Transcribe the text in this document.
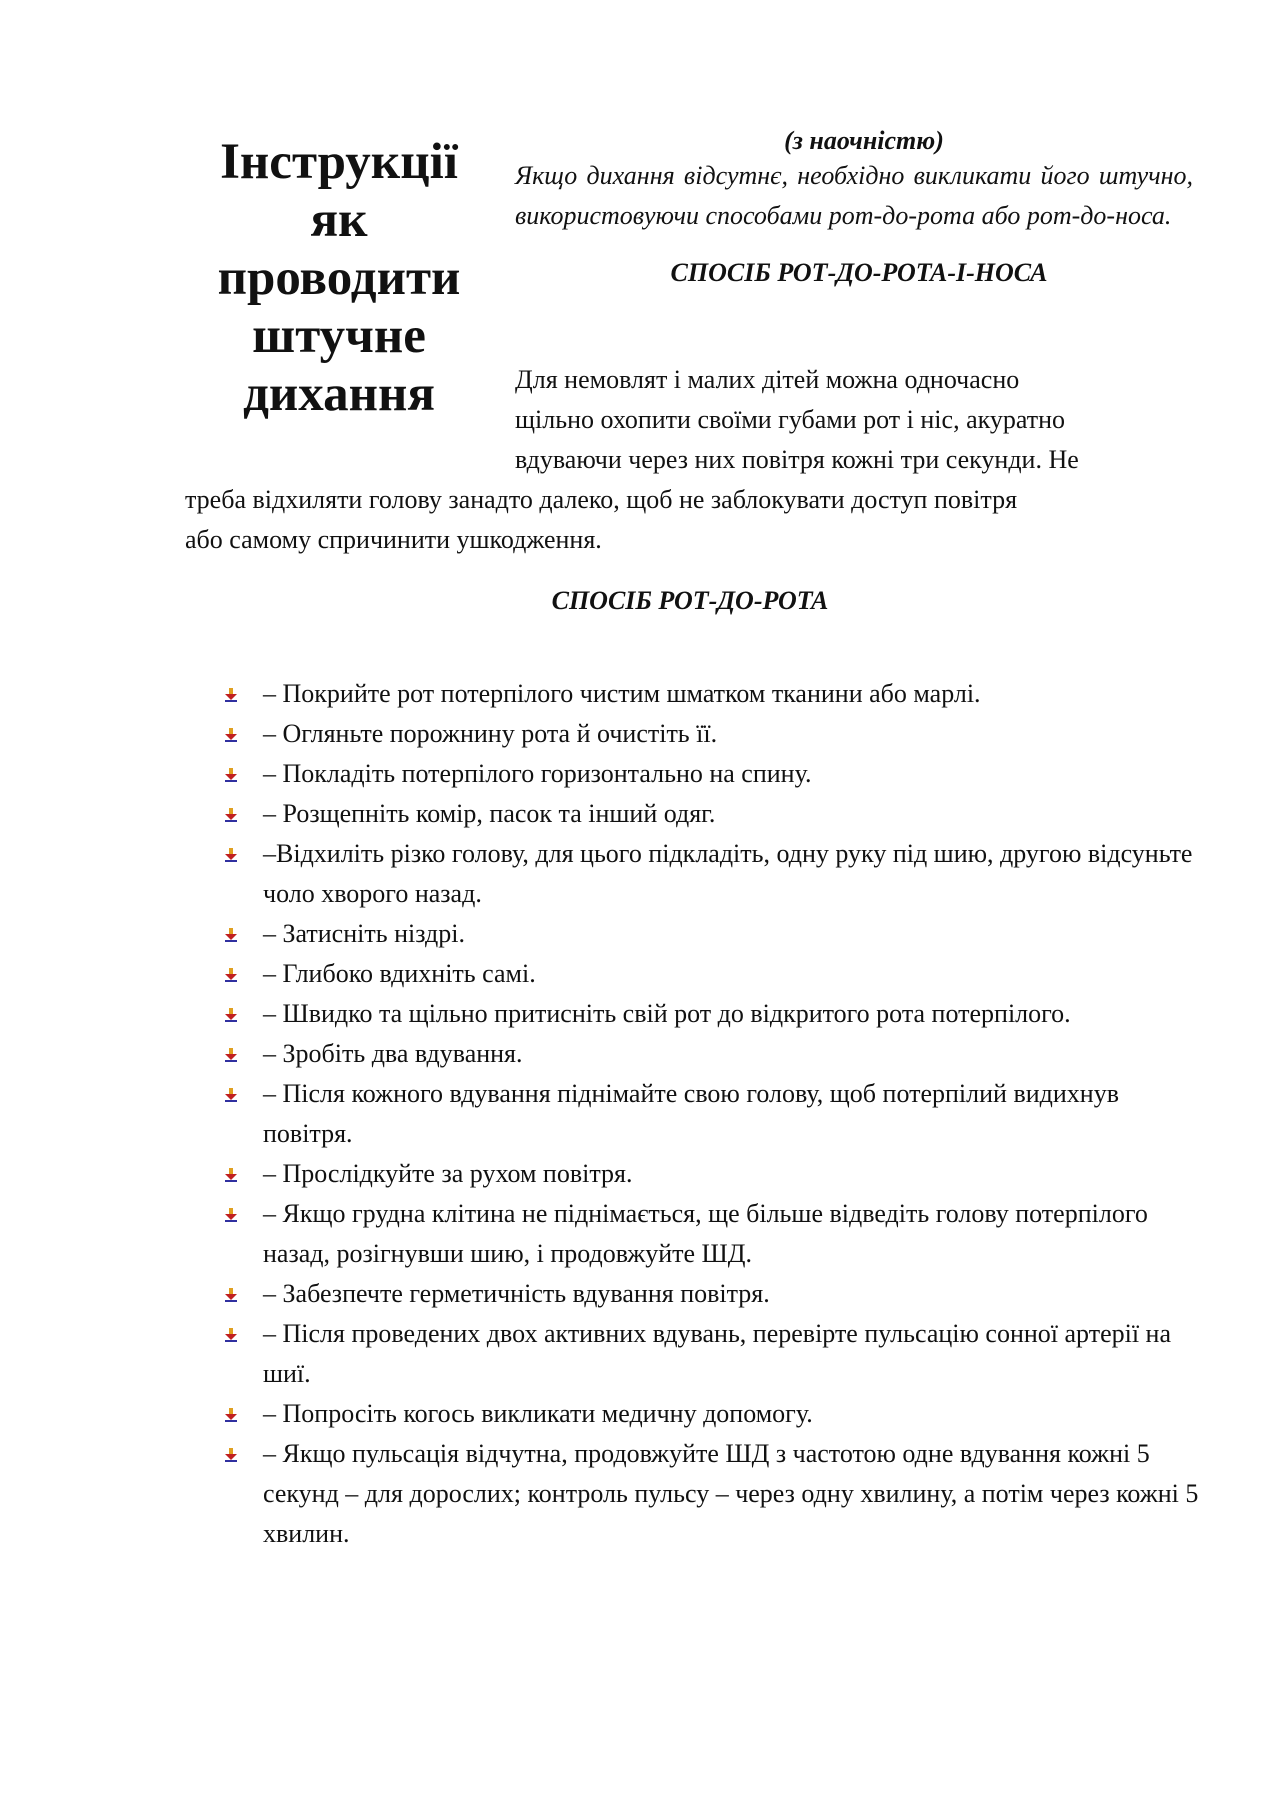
Інструкції
як
проводити
штучне
дихання

(з наочністю)

Якщо дихання відсутнє, необхідно викликати його штучно, використовуючи способами рот-до-рота або рот-до-носа.

СПОСІБ РОТ-ДО-РОТА-І-НОСА

Для немовлят і малих дітей можна одночасно
щільно охопити своїми губами рот і ніс, акуратно
вдуваючи через них повітря кожні три секунди. Не

треба відхиляти голову занадто далеко, щоб не заблокувати доступ повітря
або самому спричинити ушкодження.

СПОСІБ РОТ-ДО-РОТА

– Покрийте рот потерпілого чистим шматком тканини або марлі.
– Огляньте порожнину рота й очистіть її.
– Покладіть потерпілого горизонтально на спину.
– Розщепніть комір, пасок та інший одяг.
–Відхиліть різко голову, для цього підкладіть, одну руку під шию, другою відсуньте чоло хворого назад.
– Затисніть ніздрі.
– Глибоко вдихніть самі.
– Швидко та щільно притисніть свій рот до відкритого рота потерпілого.
– Зробіть два вдування.
– Після кожного вдування піднімайте свою голову, щоб потерпілий видихнув повітря.
– Прослідкуйте за рухом повітря.
– Якщо грудна клітина не піднімається, ще більше відведіть голову потерпілого назад, розігнувши шию, і продовжуйте ШД.
– Забезпечте герметичність вдування повітря.
– Після проведених двох активних вдувань, перевірте пульсацію сонної артерії на шиї.
– Попросіть когось викликати медичну допомогу.
– Якщо пульсація відчутна, продовжуйте ШД з частотою одне вдування кожні 5 секунд – для дорослих; контроль пульсу – через одну хвилину, а потім через кожні 5 хвилин.
